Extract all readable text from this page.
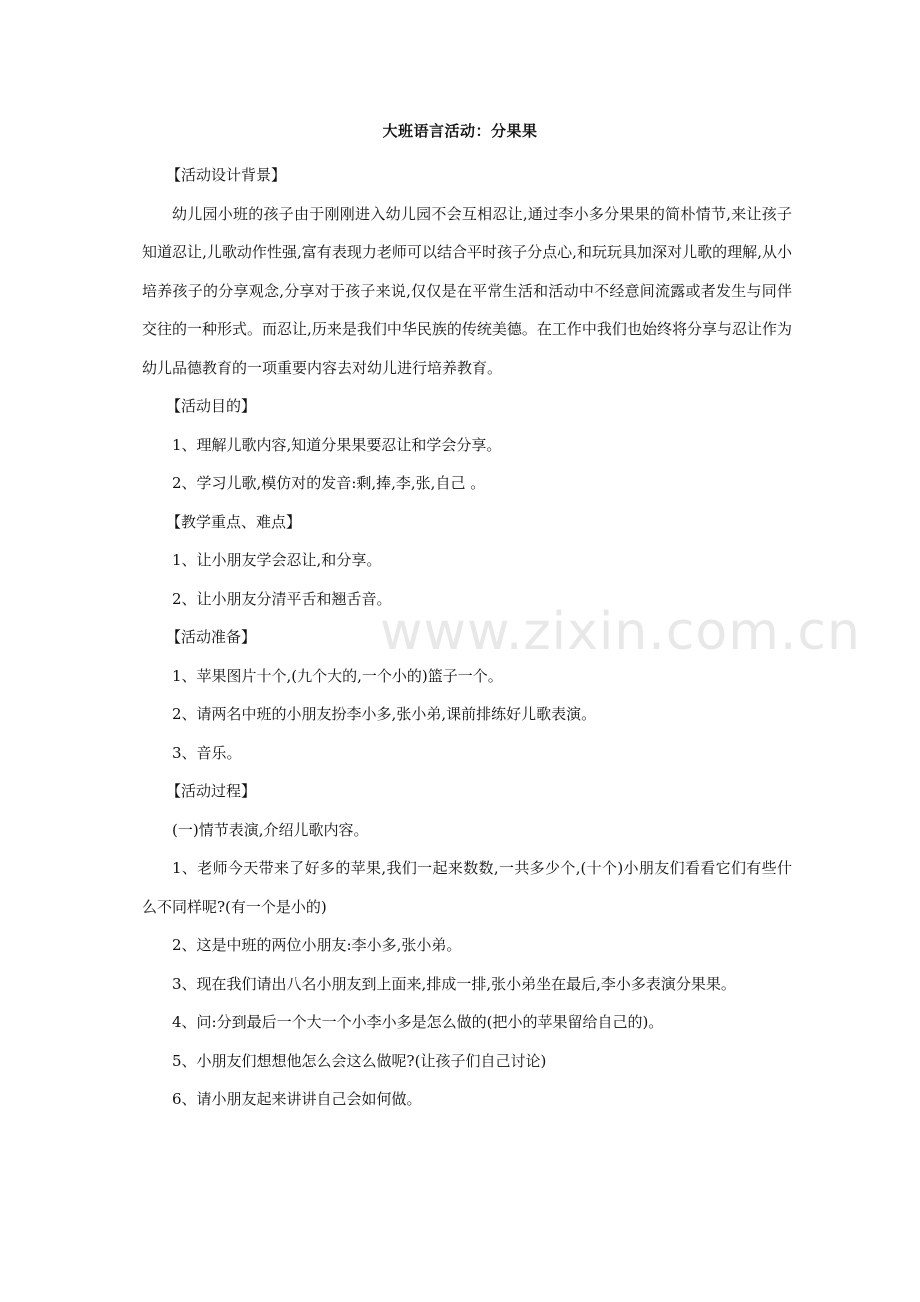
大班语言活动：分果果

【活动设计背景】

幼儿园小班的孩子由于刚刚进入幼儿园不会互相忍让,通过李小多分果果的简朴情节,来让孩子知道忍让,儿歌动作性强,富有表现力老师可以结合平时孩子分点心,和玩玩具加深对儿歌的理解,从小培养孩子的分享观念,分享对于孩子来说,仅仅是在平常生活和活动中不经意间流露或者发生与同伴交往的一种形式。而忍让,历来是我们中华民族的传统美德。在工作中我们也始终将分享与忍让作为幼儿品德教育的一项重要内容去对幼儿进行培养教育。

【活动目的】

1、理解儿歌内容,知道分果果要忍让和学会分享。

2、学习儿歌,模仿对的发音:剩,捧,李,张,自己 。

【教学重点、难点】

1、让小朋友学会忍让,和分享。

2、让小朋友分清平舌和翘舌音。

【活动准备】

1、苹果图片十个,(九个大的,一个小的)篮子一个。

2、请两名中班的小朋友扮李小多,张小弟,课前排练好儿歌表演。

3、音乐。

【活动过程】

(一)情节表演,介绍儿歌内容。

1、老师今天带来了好多的苹果,我们一起来数数,一共多少个,(十个)小朋友们看看它们有些什么不同样呢?(有一个是小的)

2、这是中班的两位小朋友:李小多,张小弟。

3、现在我们请出八名小朋友到上面来,排成一排,张小弟坐在最后,李小多表演分果果。

4、问:分到最后一个大一个小李小多是怎么做的(把小的苹果留给自己的)。

5、小朋友们想想他怎么会这么做呢?(让孩子们自己讨论)

6、请小朋友起来讲讲自己会如何做。

www.zixin.com.cn
